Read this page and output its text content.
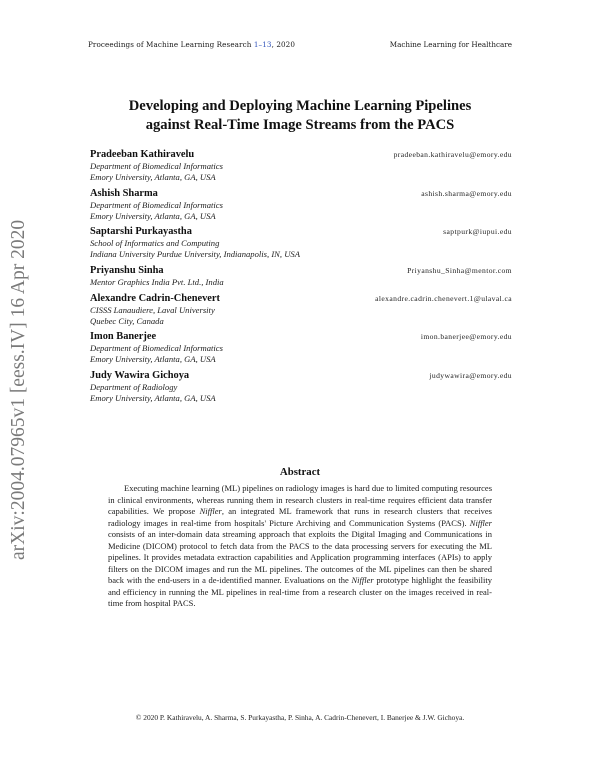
Proceedings of Machine Learning Research 1–13, 2020	Machine Learning for Healthcare
arXiv:2004.07965v1 [eess.IV] 16 Apr 2020
Developing and Deploying Machine Learning Pipelines
against Real-Time Image Streams from the PACS
Pradeeban Kathiravelu	pradeeban.kathiravelu@emory.edu
Department of Biomedical Informatics
Emory University, Atlanta, GA, USA
Ashish Sharma	ashish.sharma@emory.edu
Department of Biomedical Informatics
Emory University, Atlanta, GA, USA
Saptarshi Purkayastha	saptpurk@iupui.edu
School of Informatics and Computing
Indiana University Purdue University, Indianapolis, IN, USA
Priyanshu Sinha	Priyanshu_Sinha@mentor.com
Mentor Graphics India Pvt. Ltd., India
Alexandre Cadrin-Chenevert	alexandre.cadrin.chenevert.1@ulaval.ca
CISSS Lanaudiere, Laval University
Quebec City, Canada
Imon Banerjee	imon.banerjee@emory.edu
Department of Biomedical Informatics
Emory University, Atlanta, GA, USA
Judy Wawira Gichoya	judywawira@emory.edu
Department of Radiology
Emory University, Atlanta, GA, USA
Abstract
Executing machine learning (ML) pipelines on radiology images is hard due to limited computing resources in clinical environments, whereas running them in research clusters in real-time requires efficient data transfer capabilities. We propose Niffler, an integrated ML framework that runs in research clusters that receives radiology images in real-time from hospitals' Picture Archiving and Communication Systems (PACS). Niffler consists of an inter-domain data streaming approach that exploits the Digital Imaging and Communications in Medicine (DICOM) protocol to fetch data from the PACS to the data processing servers for executing the ML pipelines. It provides metadata extraction capabilities and Application programming interfaces (APIs) to apply filters on the DICOM images and run the ML pipelines. The outcomes of the ML pipelines can then be shared back with the end-users in a de-identified manner. Evaluations on the Niffler prototype highlight the feasibility and efficiency in running the ML pipelines in real-time from a research cluster on the images received in real-time from hospital PACS.
© 2020 P. Kathiravelu, A. Sharma, S. Purkayastha, P. Sinha, A. Cadrin-Chenevert, I. Banerjee & J.W. Gichoya.
